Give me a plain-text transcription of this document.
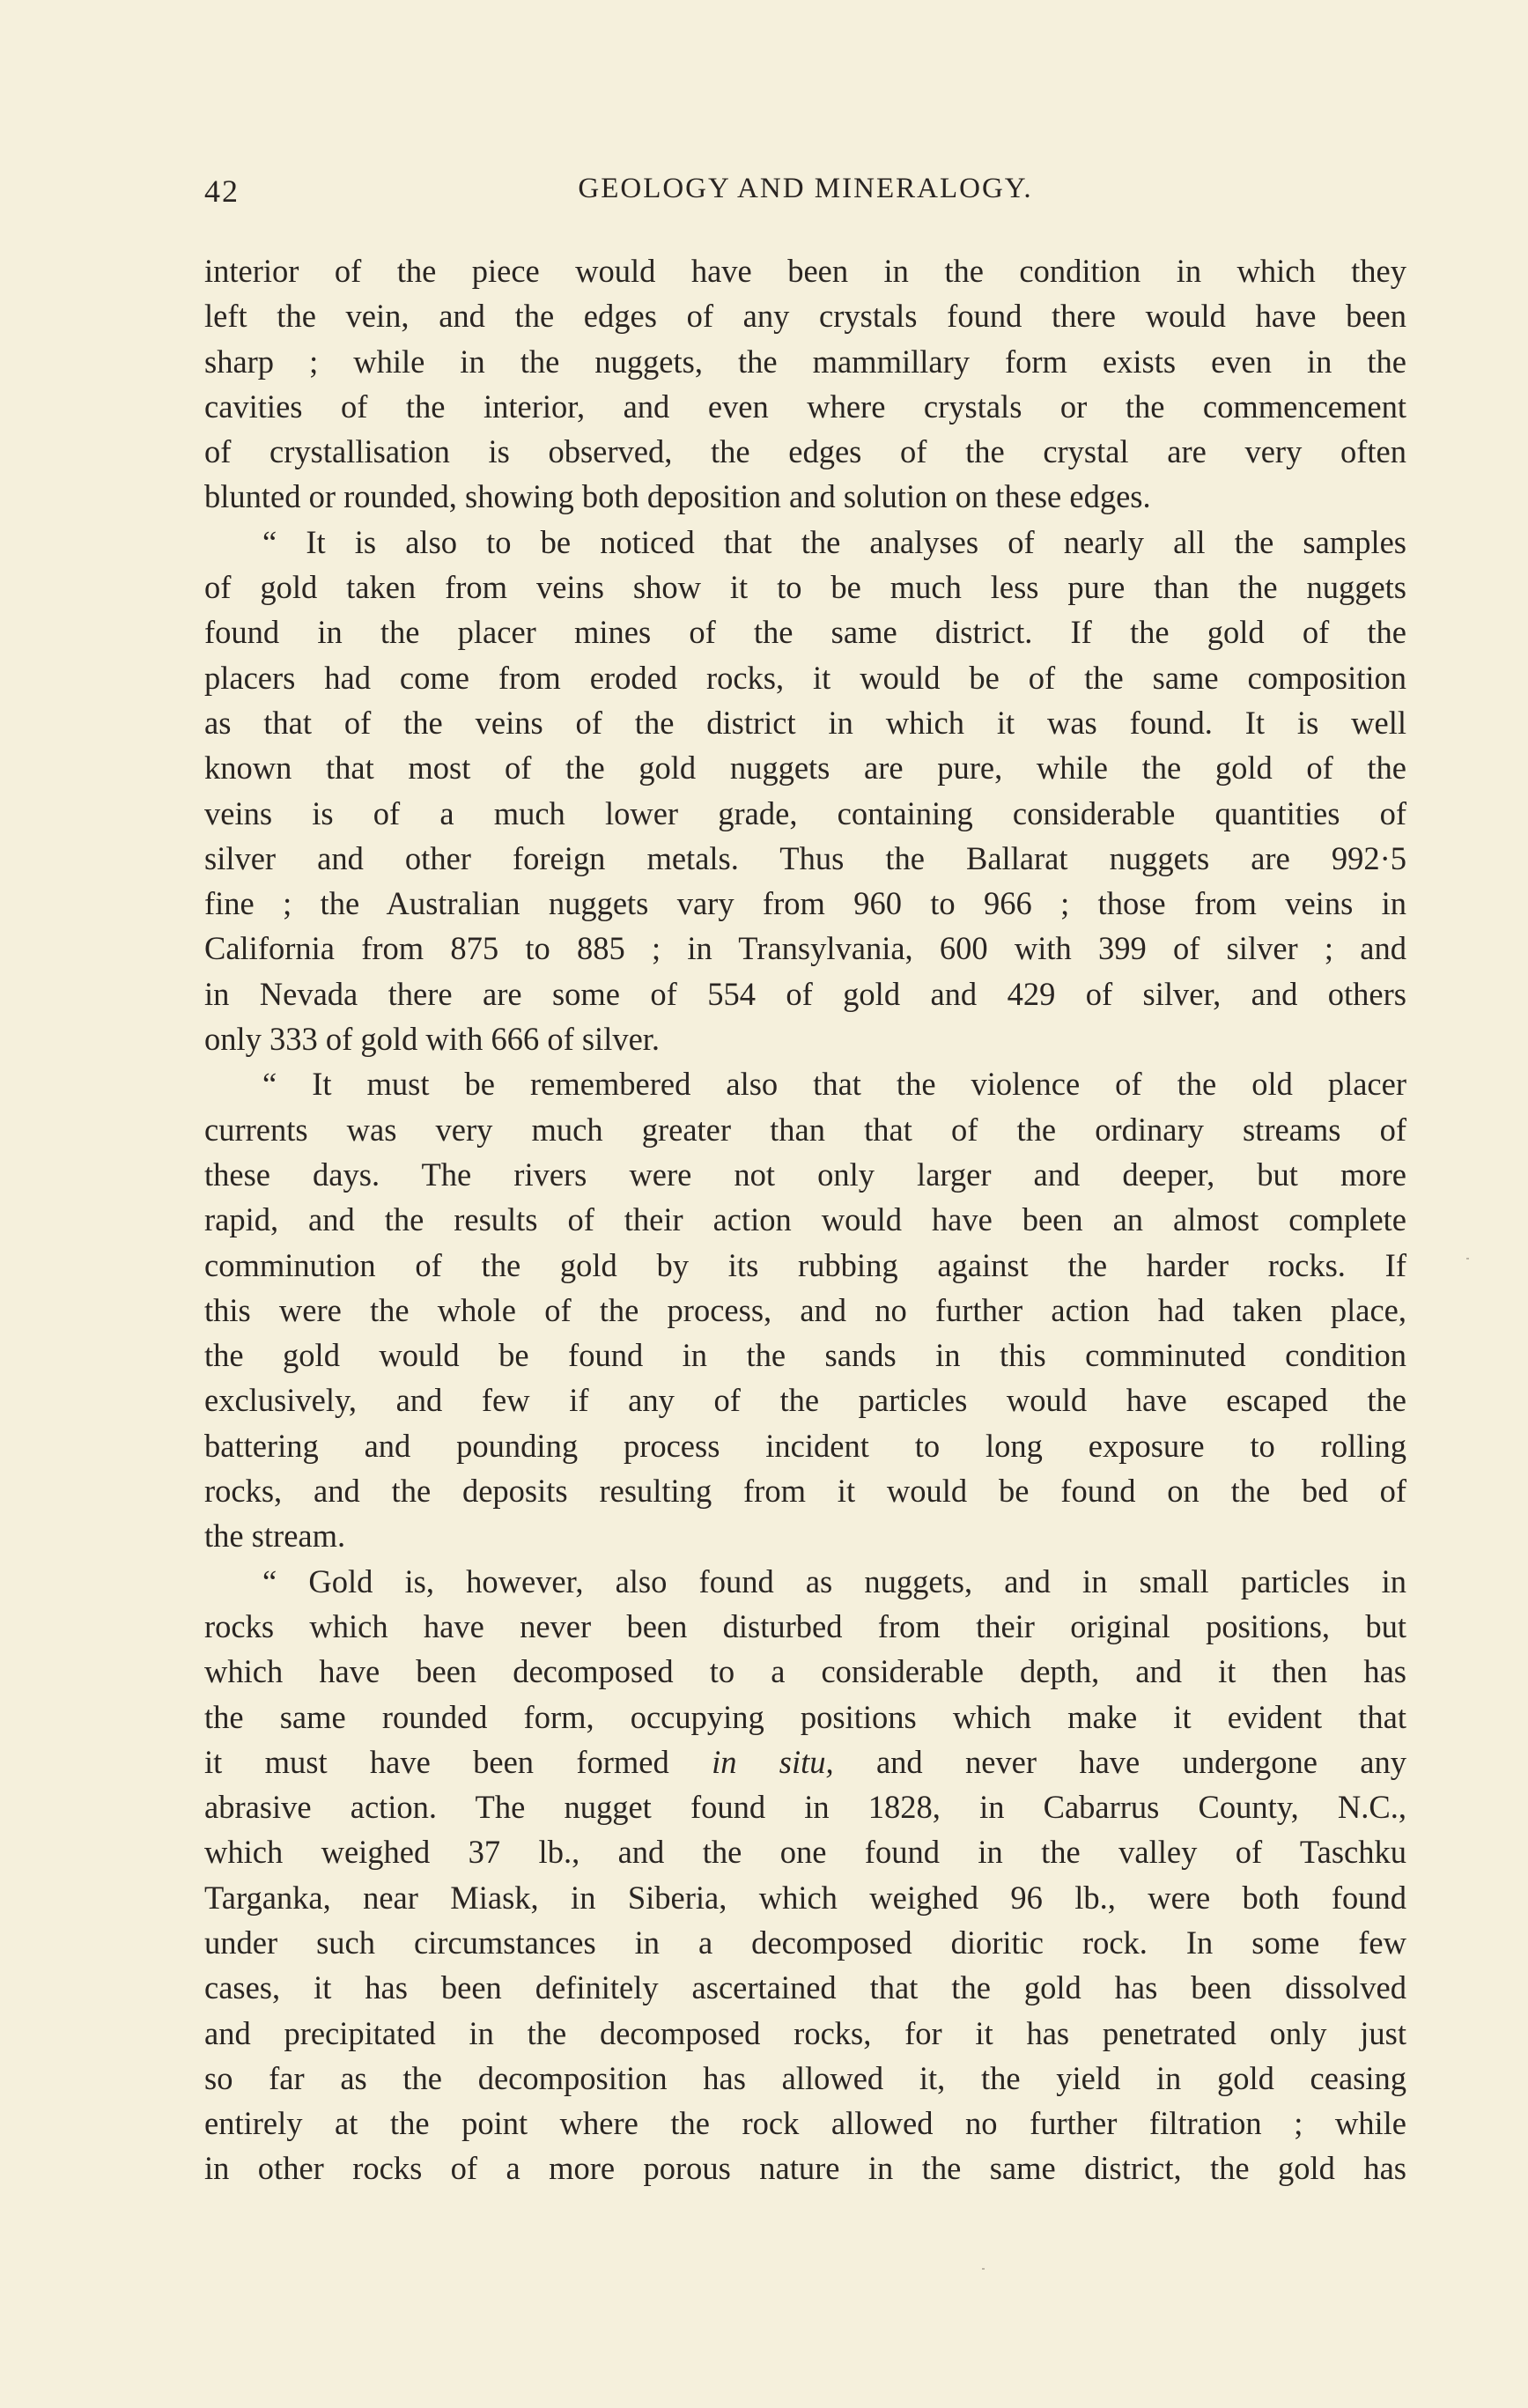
42	GEOLOGY AND MINERALOGY.
interior of the piece would have been in the condition in which they
left the vein, and the edges of any crystals found there would have been
sharp ; while in the nuggets, the mammillary form exists even in the
cavities of the interior, and even where crystals or the commencement
of crystallisation is observed, the edges of the crystal are very often
blunted or rounded, showing both deposition and solution on these edges.
“ It is also to be noticed that the analyses of nearly all the samples
of gold taken from veins show it to be much less pure than the nuggets
found in the placer mines of the same district. If the gold of the
placers had come from eroded rocks, it would be of the same composition
as that of the veins of the district in which it was found. It is well
known that most of the gold nuggets are pure, while the gold of the
veins is of a much lower grade, containing considerable quantities of
silver and other foreign metals. Thus the Ballarat nuggets are 992·5
fine ; the Australian nuggets vary from 960 to 966 ; those from veins in
California from 875 to 885 ; in Transylvania, 600 with 399 of silver ; and
in Nevada there are some of 554 of gold and 429 of silver, and others
only 333 of gold with 666 of silver.
“ It must be remembered also that the violence of the old placer
currents was very much greater than that of the ordinary streams of
these days. The rivers were not only larger and deeper, but more
rapid, and the results of their action would have been an almost complete
comminution of the gold by its rubbing against the harder rocks. If
this were the whole of the process, and no further action had taken place,
the gold would be found in the sands in this comminuted condition
exclusively, and few if any of the particles would have escaped the
battering and pounding process incident to long exposure to rolling
rocks, and the deposits resulting from it would be found on the bed of
the stream.
“ Gold is, however, also found as nuggets, and in small particles in
rocks which have never been disturbed from their original positions, but
which have been decomposed to a considerable depth, and it then has
the same rounded form, occupying positions which make it evident that
it must have been formed in situ, and never have undergone any
abrasive action. The nugget found in 1828, in Cabarrus County, N.C.,
which weighed 37 lb., and the one found in the valley of Taschku
Targanka, near Miask, in Siberia, which weighed 96 lb., were both found
under such circumstances in a decomposed dioritic rock. In some few
cases, it has been definitely ascertained that the gold has been dissolved
and precipitated in the decomposed rocks, for it has penetrated only just
so far as the decomposition has allowed it, the yield in gold ceasing
entirely at the point where the rock allowed no further filtration ; while
in other rocks of a more porous nature in the same district, the gold has
